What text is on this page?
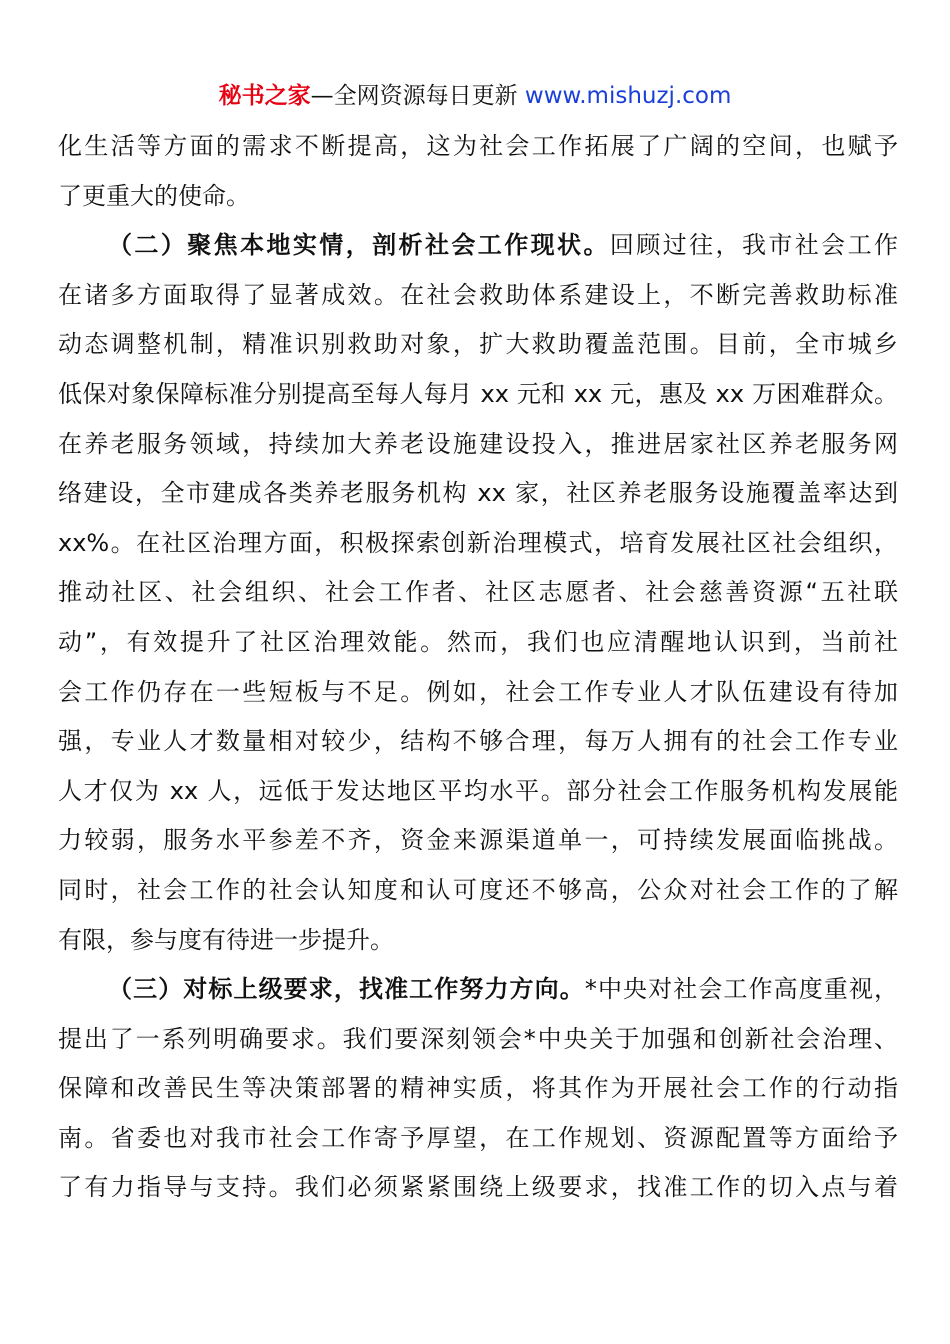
秘书之家—全网资源每日更新 www.mishuzj.com
化生活等方面的需求不断提高，这为社会工作拓展了广阔的空间，也赋予
了更重大的使命。
（二）聚焦本地实情，剖析社会工作现状。回顾过往，我市社会工作
在诸多方面取得了显著成效。在社会救助体系建设上，不断完善救助标准
动态调整机制，精准识别救助对象，扩大救助覆盖范围。目前，全市城乡
低保对象保障标准分别提高至每人每月 xx 元和 xx 元，惠及 xx 万困难群众。
在养老服务领域，持续加大养老设施建设投入，推进居家社区养老服务网
络建设，全市建成各类养老服务机构 xx 家，社区养老服务设施覆盖率达到
xx%。在社区治理方面，积极探索创新治理模式，培育发展社区社会组织，
推动社区、社会组织、社会工作者、社区志愿者、社会慈善资源“五社联
动”，有效提升了社区治理效能。然而，我们也应清醒地认识到，当前社
会工作仍存在一些短板与不足。例如，社会工作专业人才队伍建设有待加
强，专业人才数量相对较少，结构不够合理，每万人拥有的社会工作专业
人才仅为 xx 人，远低于发达地区平均水平。部分社会工作服务机构发展能
力较弱，服务水平参差不齐，资金来源渠道单一，可持续发展面临挑战。
同时，社会工作的社会认知度和认可度还不够高，公众对社会工作的了解
有限，参与度有待进一步提升。
（三）对标上级要求，找准工作努力方向。*中央对社会工作高度重视，
提出了一系列明确要求。我们要深刻领会*中央关于加强和创新社会治理、
保障和改善民生等决策部署的精神实质，将其作为开展社会工作的行动指
南。省委也对我市社会工作寄予厚望，在工作规划、资源配置等方面给予
了有力指导与支持。我们必须紧紧围绕上级要求，找准工作的切入点与着
